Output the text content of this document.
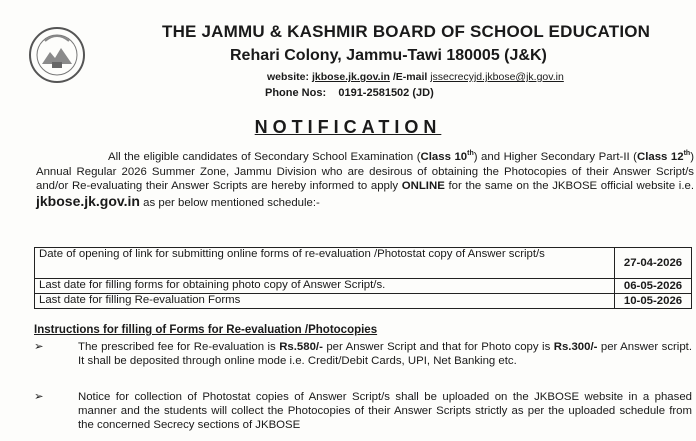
THE JAMMU & KASHMIR BOARD OF SCHOOL EDUCATION
Rehari Colony, Jammu-Tawi 180005 (J&K)
website: jkbose.jk.gov.in /E-mail jssecrecyjd.jkbose@jk.gov.in
Phone Nos:    0191-2581502 (JD)
NOTIFICATION
All the eligible candidates of Secondary School Examination (Class 10th) and Higher Secondary Part-II (Class 12th) Annual Regular 2026 Summer Zone, Jammu Division who are desirous of obtaining the Photocopies of their Answer Script/s and/or Re-evaluating their Answer Scripts are hereby informed to apply ONLINE for the same on the JKBOSE official website i.e. jkbose.jk.gov.in as per below mentioned schedule:-
Date of opening of link for submitting online forms of re-evaluation /Photostat copy of Answer script/s	27-04-2026
Last date for filling forms for obtaining photo copy of Answer Script/s.	06-05-2026
Last date for filling Re-evaluation Forms	10-05-2026
Instructions for filling of Forms for Re-evaluation /Photocopies
➢	The prescribed fee for Re-evaluation is Rs.580/- per Answer Script and that for Photo copy is Rs.300/- per Answer script. It shall be deposited through online mode i.e. Credit/Debit Cards, UPI, Net Banking etc.
➢	Notice for collection of Photostat copies of Answer Script/s shall be uploaded on the JKBOSE website in a phased manner and the students will collect the Photocopies of their Answer Scripts strictly as per the uploaded schedule from the concerned Secrecy sections of JKBOSE
